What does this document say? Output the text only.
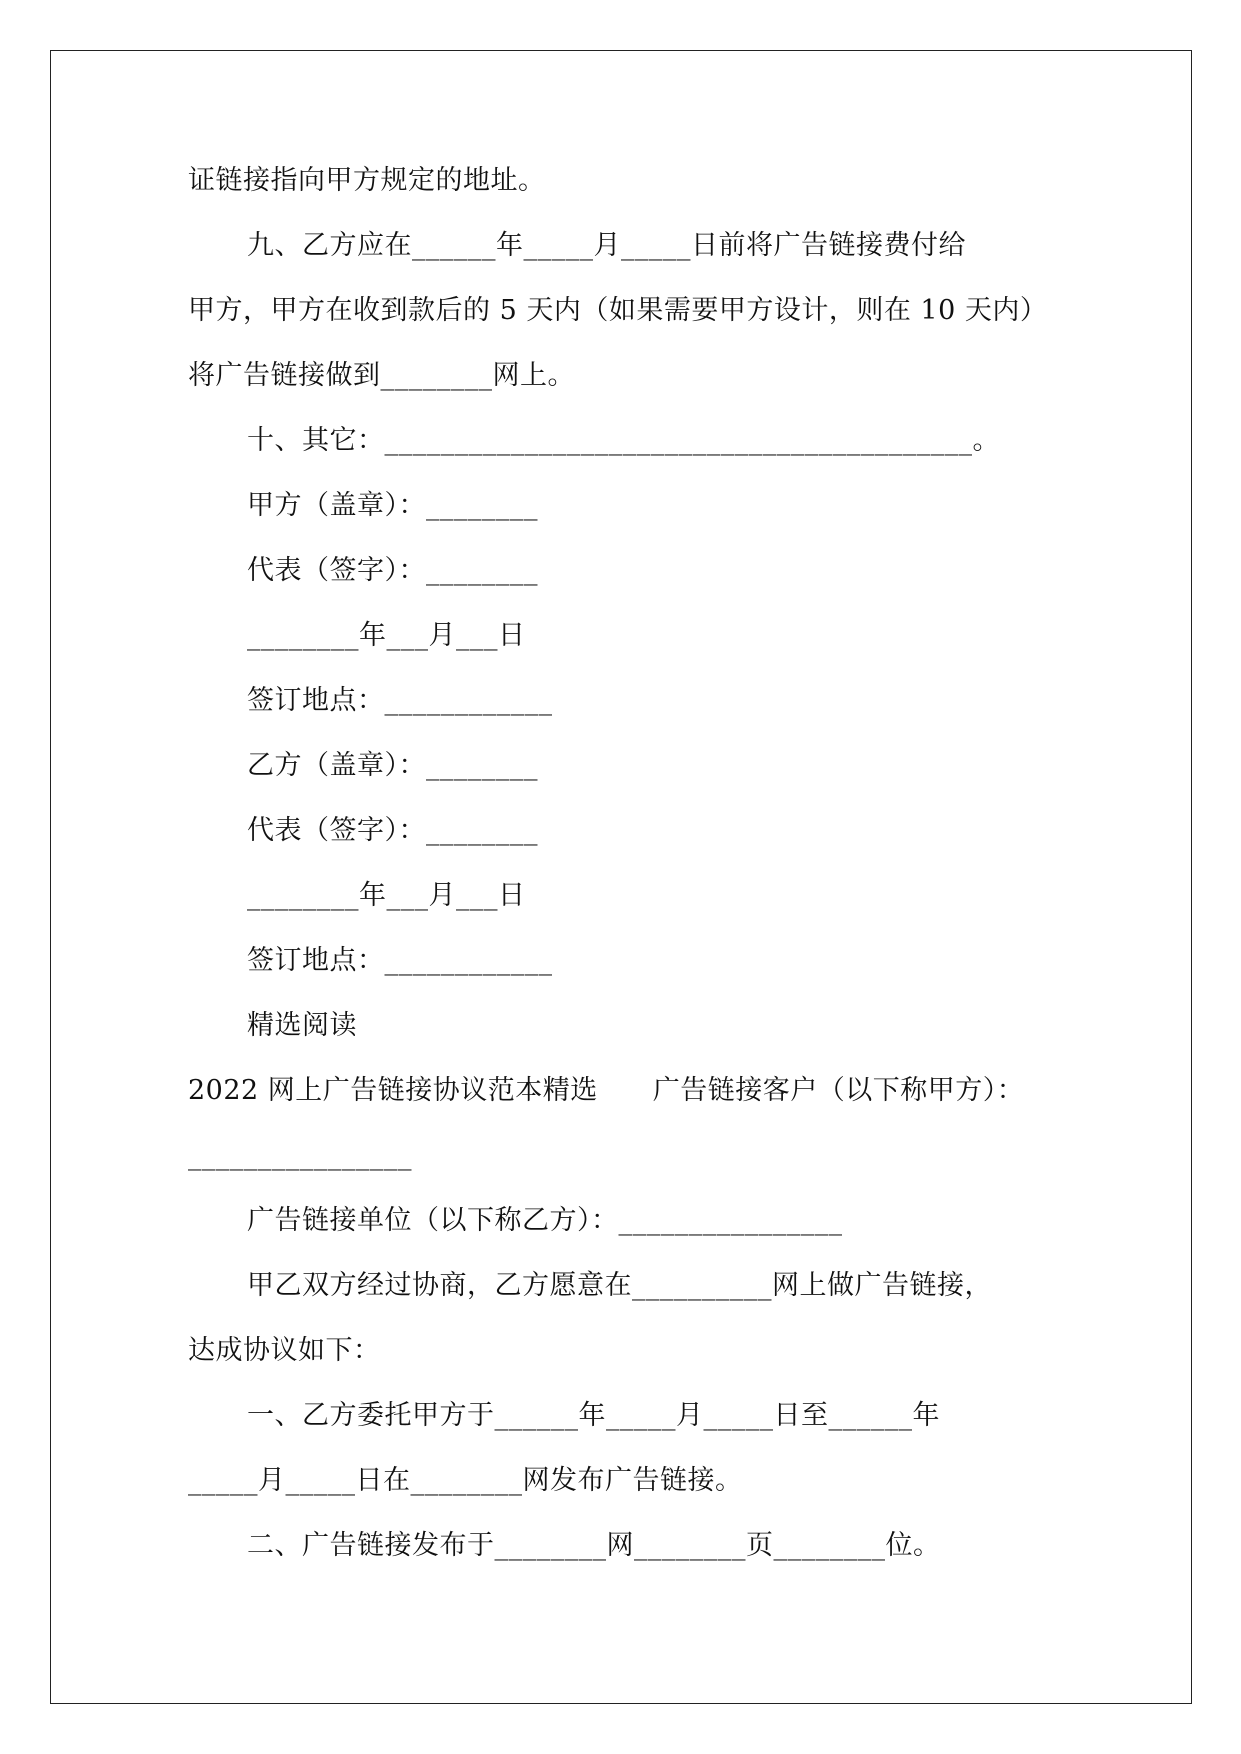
证链接指向甲方规定的地址。
九、乙方应在______年_____月_____日前将广告链接费付给
甲方，甲方在收到款后的 5 天内（如果需要甲方设计，则在 10 天内）
将广告链接做到________网上。
十、其它：__________________________________________。
甲方（盖章）：________
代表（签字）：________
________年___月___日
签订地点：____________
乙方（盖章）：________
代表（签字）：________
________年___月___日
签订地点：____________
精选阅读
2022 网上广告链接协议范本精选　　广告链接客户（以下称甲方）：
________________
广告链接单位（以下称乙方）：________________
甲乙双方经过协商，乙方愿意在__________网上做广告链接，
达成协议如下：
一、乙方委托甲方于______年_____月_____日至______年
_____月_____日在________网发布广告链接。
二、广告链接发布于________网________页________位。
